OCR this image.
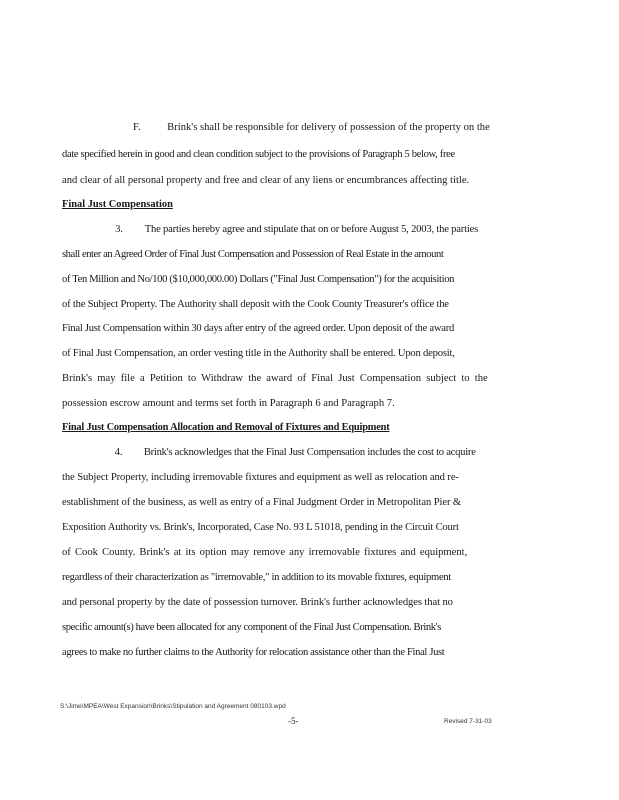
F.          Brink's shall be responsible for delivery of possession of the property on the
date specified herein in good and clean condition subject to the provisions of Paragraph 5 below, free
and clear of all personal property and free and clear of any liens or encumbrances affecting title.
Final Just Compensation
3.         The parties hereby agree and stipulate that on or before August 5, 2003, the parties
shall enter an Agreed Order of Final Just Compensation and Possession of Real Estate in the amount
of Ten Million and No/100 ($10,000,000.00) Dollars ("Final Just Compensation") for the acquisition
of the Subject Property. The Authority shall deposit with the Cook County Treasurer's office the
Final Just Compensation within 30 days after entry of the agreed order. Upon deposit of the award
of Final Just Compensation, an order vesting title in the Authority shall be entered. Upon deposit,
Brink's may file a Petition to Withdraw the award of Final Just Compensation subject to the
possession escrow amount and terms set forth in Paragraph 6 and Paragraph 7.
Final Just Compensation Allocation and Removal of Fixtures and Equipment
4.         Brink's acknowledges that the Final Just Compensation includes the cost to acquire
the Subject Property, including irremovable fixtures and equipment as well as relocation and re-
establishment of the business, as well as entry of a Final Judgment Order in Metropolitan Pier &
Exposition Authority vs. Brink's, Incorporated, Case No. 93 L 51018, pending in the Circuit Court
of Cook County. Brink's at its option may remove any irremovable fixtures and equipment,
regardless of their characterization as "irremovable," in addition to its movable fixtures, equipment
and personal property by the date of possession turnover. Brink's further acknowledges that no
specific amount(s) have been allocated for any component of the Final Just Compensation. Brink's
agrees to make no further claims to the Authority for relocation assistance other than the Final Just
S:\Jime\MPEA\West Expansion\Brinks\Stipulation and Agreement 080103.wpd
-5-	Revised 7-31-03
